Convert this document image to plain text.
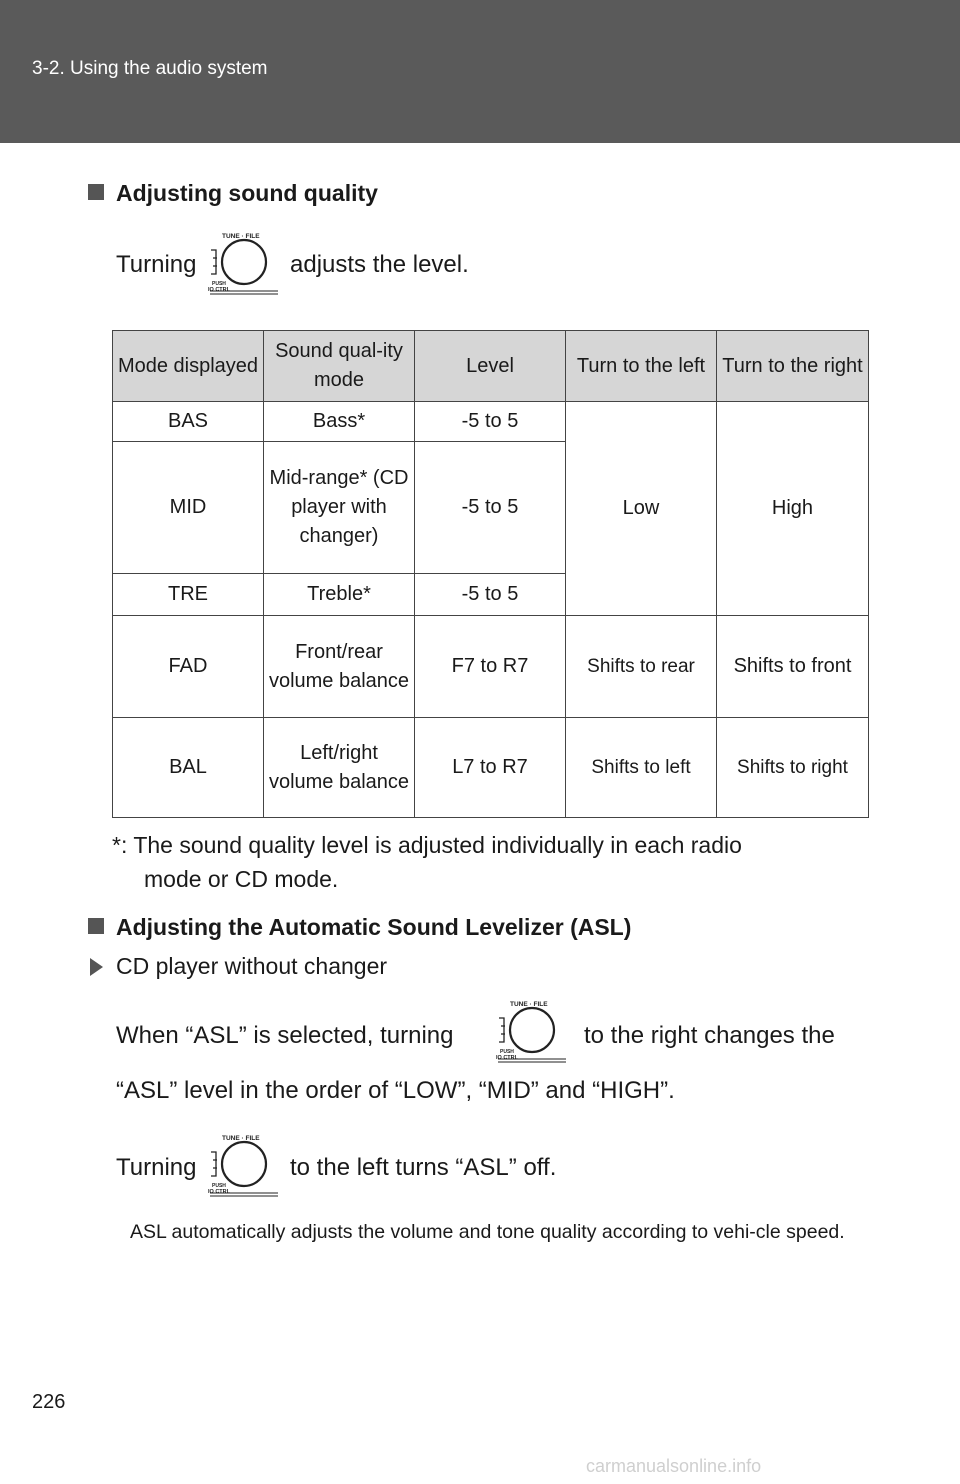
3-2. Using the audio system
Adjusting sound quality
Turning
TUNE · FILE
PUSH
IO CTRL
adjusts the level.
Mode displayed	Sound qual-ity mode	Level	Turn to the left	Turn to the right
BAS	Bass*	-5 to 5	Low	High
MID	Mid-range* (CD player with changer)	-5 to 5		
TRE	Treble*	-5 to 5		
FAD	Front/rear volume balance	F7 to R7	Shifts to rear	Shifts to front
BAL	Left/right volume balance	L7 to R7	Shifts to left	Shifts to right
*: The sound quality level is adjusted individually in each radio
mode or CD mode.
Adjusting the Automatic Sound Levelizer (ASL)
CD player without changer
When “ASL” is selected, turning
TUNE · FILE
PUSH
IO CTRL
to the right changes the
“ASL” level in the order of “LOW”, “MID” and “HIGH”.
Turning
TUNE · FILE
PUSH
IO CTRL
to the left turns “ASL” off.
ASL automatically adjusts the volume and tone quality according to vehi-cle speed.
226
carmanualsonline.info
